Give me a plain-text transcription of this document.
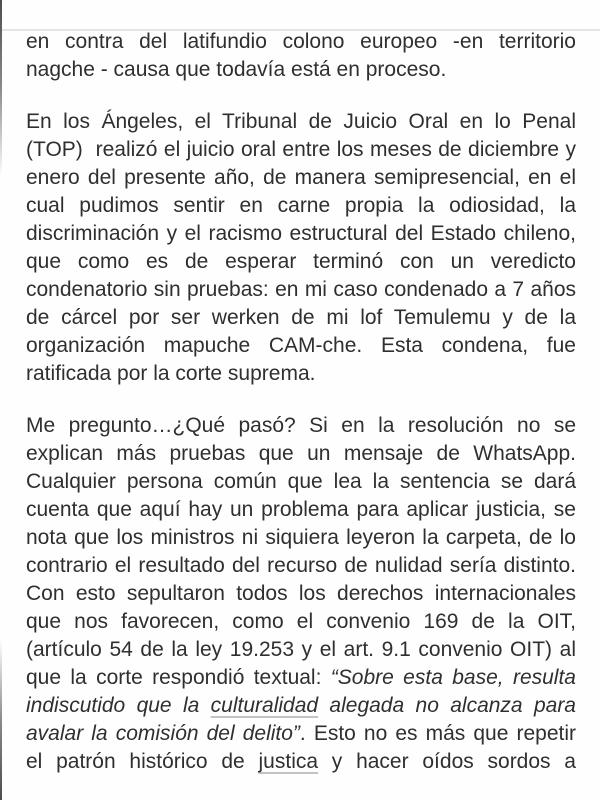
en contra del latifundio colono europeo -en territorio
nagche - causa que todavía está en proceso.
En los Ángeles, el Tribunal de Juicio Oral en lo Penal
(TOP)  realizó el juicio oral entre los meses de diciembre y
enero del presente año, de manera semipresencial, en el
cual pudimos sentir en carne propia la odiosidad, la
discriminación y el racismo estructural del Estado chileno,
que como es de esperar terminó con un veredicto
condenatorio sin pruebas: en mi caso condenado a 7 años
de cárcel por ser werken de mi lof Temulemu y de la
organización mapuche CAM-che. Esta condena, fue
ratificada por la corte suprema.
Me pregunto…¿Qué pasó? Si en la resolución no se
explican más pruebas que un mensaje de WhatsApp.
Cualquier persona común que lea la sentencia se dará
cuenta que aquí hay un problema para aplicar justicia, se
nota que los ministros ni siquiera leyeron la carpeta, de lo
contrario el resultado del recurso de nulidad sería distinto.
Con esto sepultaron todos los derechos internacionales
que nos favorecen, como el convenio 169 de la OIT,
(artículo 54 de la ley 19.253 y el art. 9.1 convenio OIT) al
que la corte respondió textual: “Sobre esta base, resulta
indiscutido que la culturalidad alegada no alcanza para
avalar la comisión del delito”. Esto no es más que repetir
el patrón histórico de justica y hacer oídos sordos a
